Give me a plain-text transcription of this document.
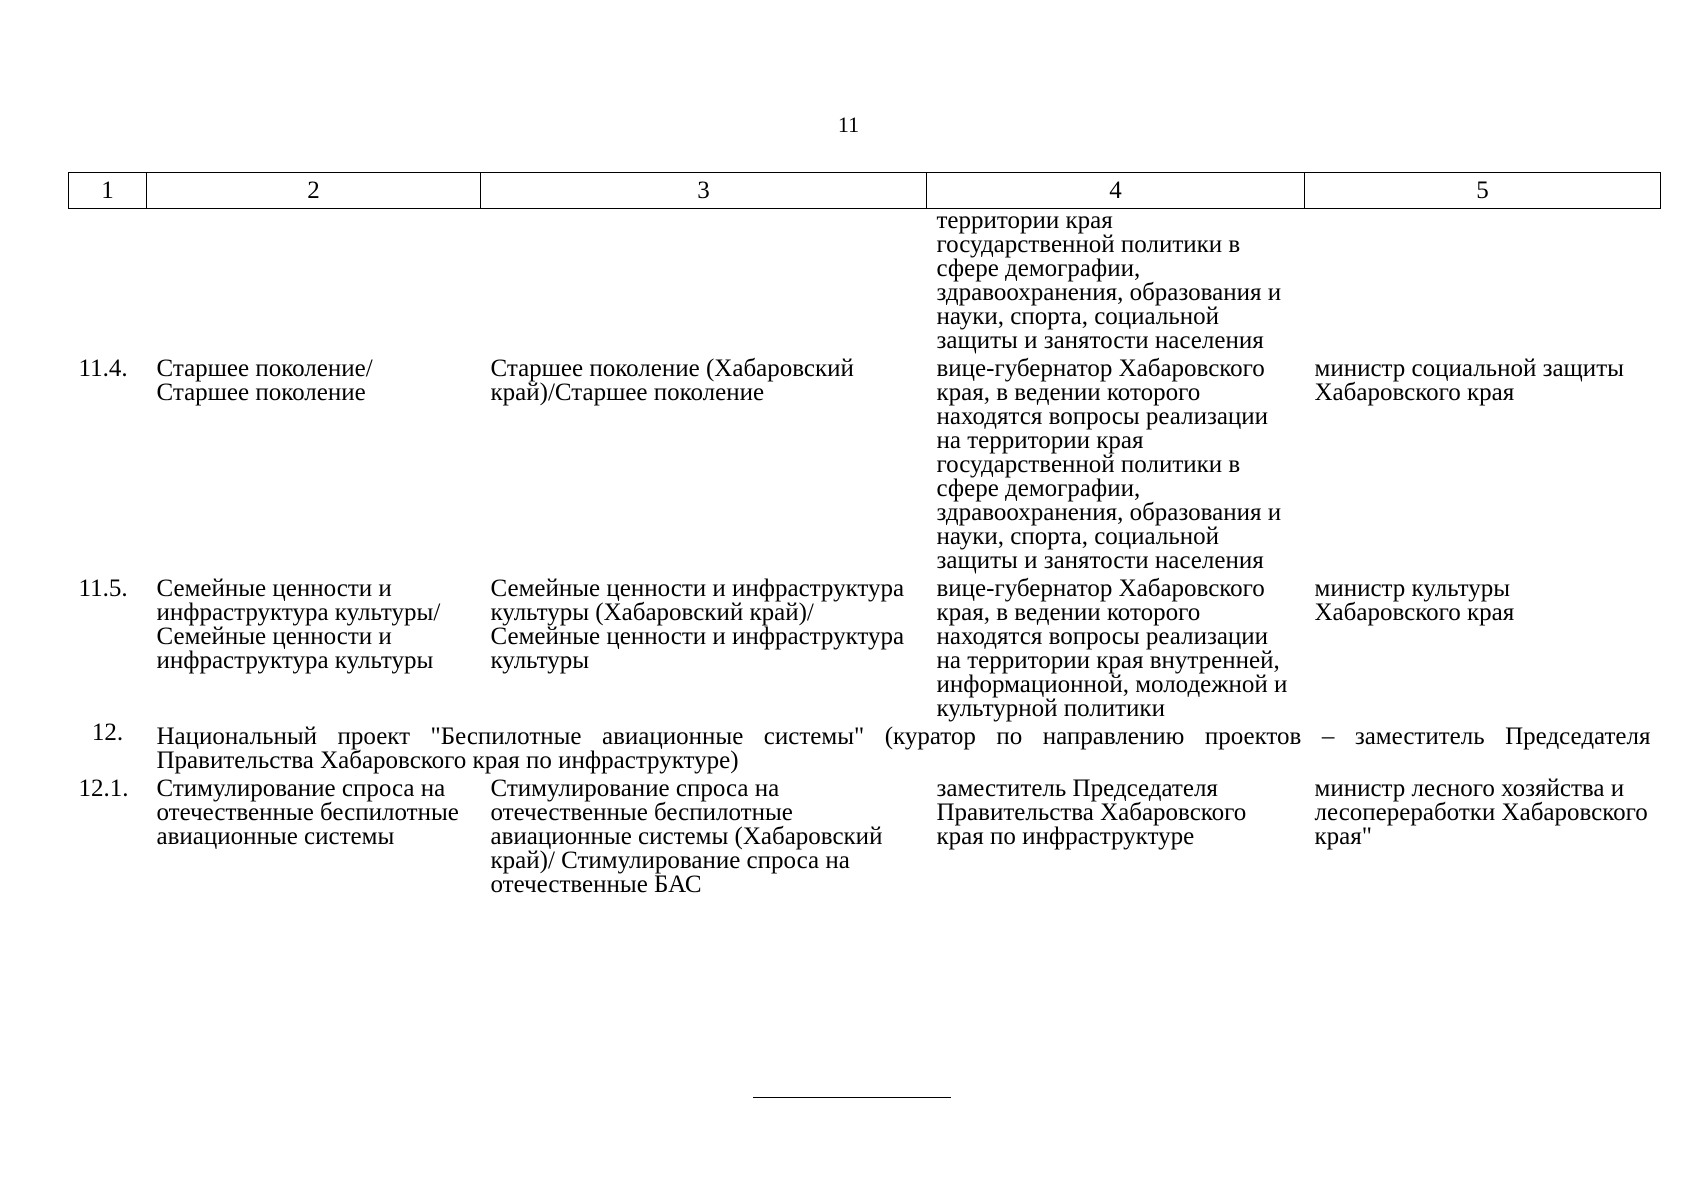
11
1	2	3	4	5
			территории края государственной политики в сфере демографии, здравоохранения, образования и науки, спорта, социальной защиты и занятости населения	
11.4.	Старшее поколение/ Старшее поколение	Старшее поколение (Хабаровский край)/Старшее поколение	вице-губернатор Хабаровского края, в ведении которого находятся вопросы реализации на территории края государственной политики в сфере демографии, здравоохранения, образования и науки, спорта, социальной защиты и занятости населения	министр социальной защиты Хабаровского края
11.5.	Семейные ценности и инфраструктура культуры/Семейные ценности и инфраструктура культуры	Семейные ценности и инфраструктура культуры (Хабаровский край)/Семейные ценности и инфраструктура культуры	вице-губернатор Хабаровского края, в ведении которого находятся вопросы реализации на территории края внутренней, информационной, молодежной и культурной политики	министр культуры Хабаровского края
12.	Национальный проект "Беспилотные авиационные системы" (куратор по направлению проектов – заместитель Председателя Правительства Хабаровского края по инфраструктуре)			
12.1.	Стимулирование спроса на отечественные беспилотные авиационные системы	Стимулирование спроса на отечественные беспилотные авиационные системы (Хабаровский край)/ Стимулирование спроса на отечественные БАС	заместитель Председателя Правительства Хабаровского края по инфраструктуре	министр лесного хозяйства и лесопереработки Хабаровского края"
